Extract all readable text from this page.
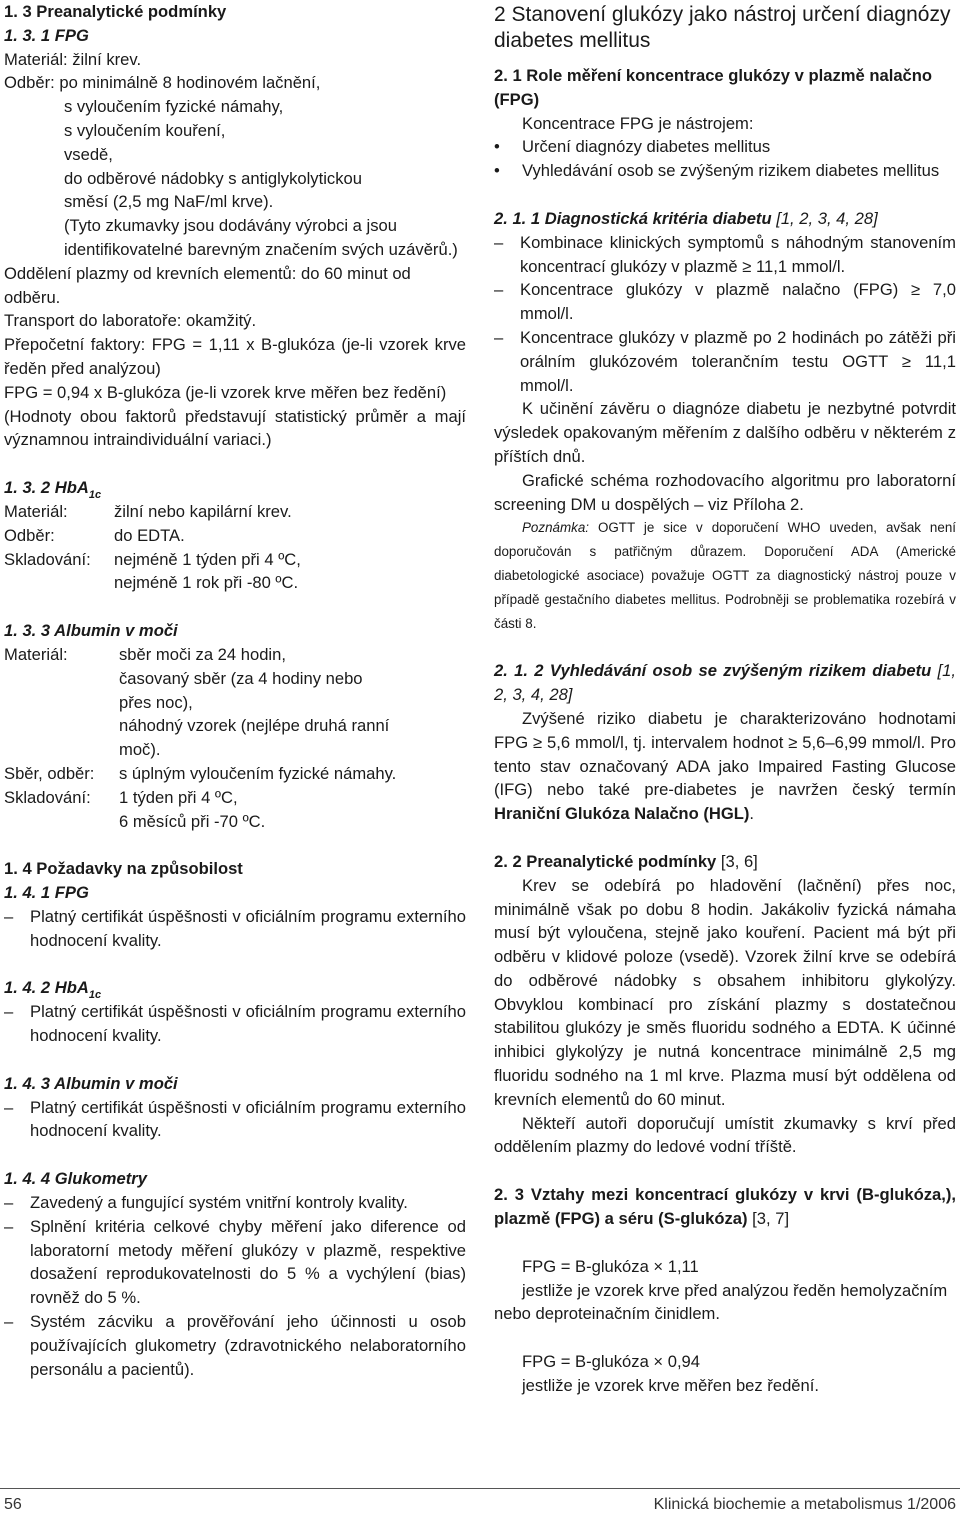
1. 3 Preanalytické podmínky

1. 3. 1 FPG

Materiál: žilní krev.

Odběr: po minimálně 8 hodinovém lačnění,

s vyloučením fyzické námahy,

s vyloučením kouření,

vsedě,

do odběrové nádobky s antiglykolytickou

směsí (2,5 mg NaF/ml krve).

(Tyto zkumavky jsou dodávány výrobci a jsou identifikovatelné barevným značením svých uzávěrů.)

Oddělení plazmy od krevních elementů: do 60 minut od odběru.

Transport do laboratoře: okamžitý.

Přepočetní faktory: FPG = 1,11 x B-glukóza (je-li vzorek krve ředěn před analýzou)

FPG = 0,94 x B-glukóza (je-li vzorek krve měřen bez ředění)

(Hodnoty obou faktorů představují statistický průměr a mají významnou intraindividuální variaci.)

1. 3. 2 HbA$_{1c}$

Materiál:	žilní nebo kapilární krev.
Odběr:	do EDTA.
Skladování:	nejméně 1 týden při 4 ºC,
nejméně 1 rok při -80 ºC.

1. 3. 3 Albumin v moči

Materiál:	sběr moči za 24 hodin,
časovaný sběr (za 4 hodiny nebo
přes noc),
náhodný vzorek (nejlépe druhá ranní
moč).
Sběr, odběr:	s úplným vyloučením fyzické námahy.
Skladování:	1 týden při 4 ºC,
6 měsíců při -70 ºC.

1. 4 Požadavky na způsobilost

1. 4. 1 FPG

–	Platný certifikát úspěšnosti v oficiálním programu externího hodnocení kvality.

1. 4. 2 HbA$_{1c}$

–	Platný certifikát úspěšnosti v oficiálním programu externího hodnocení kvality.

1. 4. 3 Albumin v moči

–	Platný certifikát úspěšnosti v oficiálním programu externího hodnocení kvality.

1. 4. 4 Glukometry

–	Zavedený a fungující systém vnitřní kontroly kvality.
–	Splnění kritéria celkové chyby měření jako diference od laboratorní metody měření glukózy v plazmě, respektive dosažení reprodukovatelnosti do 5 % a vychýlení (bias) rovněž do 5 %.
–	Systém zácviku a prověřování jeho účinnosti u osob používajících glukometry (zdravotnického nelaboratorního personálu a pacientů).

2 Stanovení glukózy jako nástroj určení diagnózy diabetes mellitus

2. 1 Role měření koncentrace glukózy v plazmě nalačno (FPG)

Koncentrace FPG je nástrojem:

•	Určení diagnózy diabetes mellitus
•	Vyhledávání osob se zvýšeným rizikem diabetes mellitus

2. 1. 1 Diagnostická kritéria diabetu [1, 2, 3, 4, 28]

–	Kombinace klinických symptomů s náhodným stanovením koncentrací glukózy v plazmě ≥ 11,1 mmol/l.
–	Koncentrace glukózy v plazmě nalačno (FPG) ≥ 7,0 mmol/l.
–	Koncentrace glukózy v plazmě po 2 hodinách po zátěži při orálním glukózovém tolerančním testu OGTT ≥ 11,1 mmol/l.

K učinění závěru o diagnóze diabetu je nezbytné potvrdit výsledek opakovaným měřením z dalšího odběru v některém z příštích dnů.

Grafické schéma rozhodovacího algoritmu pro laboratorní screening DM u dospělých – viz Příloha 2.

Poznámka: OGTT je sice v doporučení WHO uveden, avšak není doporučován s patřičným důrazem. Doporučení ADA (Americké diabetologické asociace) považuje OGTT za diagnostický nástroj pouze v případě gestačního diabetes mellitus. Podrobněji se problematika rozebírá v části 8.

2. 1. 2 Vyhledávání osob se zvýšeným rizikem diabetu [1, 2, 3, 4, 28]

Zvýšené riziko diabetu je charakterizováno hodnotami FPG ≥ 5,6 mmol/l, tj. intervalem hodnot ≥ 5,6–6,99 mmol/l. Pro tento stav označovaný ADA jako Impaired Fasting Glucose (IFG) nebo také pre-diabetes je navržen český termín Hraniční Glukóza Nalačno (HGL).

2. 2 Preanalytické podmínky [3, 6]

Krev se odebírá po hladovění (lačnění) přes noc, minimálně však po dobu 8 hodin. Jakákoliv fyzická námaha musí být vyloučena, stejně jako kouření. Pacient má být při odběru v klidové poloze (vsedě). Vzorek žilní krve se odebírá do odběrové nádobky s obsahem inhibitoru glykolýzy. Obvyklou kombinací pro získání plazmy s dostatečnou stabilitou glukózy je směs fluoridu sodného a EDTA. K účinné inhibici glykolýzy je nutná koncentrace minimálně 2,5 mg fluoridu sodného na 1 ml krve. Plazma musí být oddělena od krevních elementů do 60 minut.

Někteří autoři doporučují umístit zkumavky s krví před oddělením plazmy do ledové vodní tříště.

2. 3 Vztahy mezi koncentrací glukózy v krvi (B-glukóza,), plazmě (FPG) a séru (S-glukóza) [3, 7]

FPG = B-glukóza × 1,11

jestliže je vzorek krve před analýzou ředěn hemolyzačním nebo deproteinačním činidlem.

FPG = B-glukóza × 0,94

jestliže je vzorek krve měřen bez ředění.

56	Klinická biochemie a metabolismus 1/2006
